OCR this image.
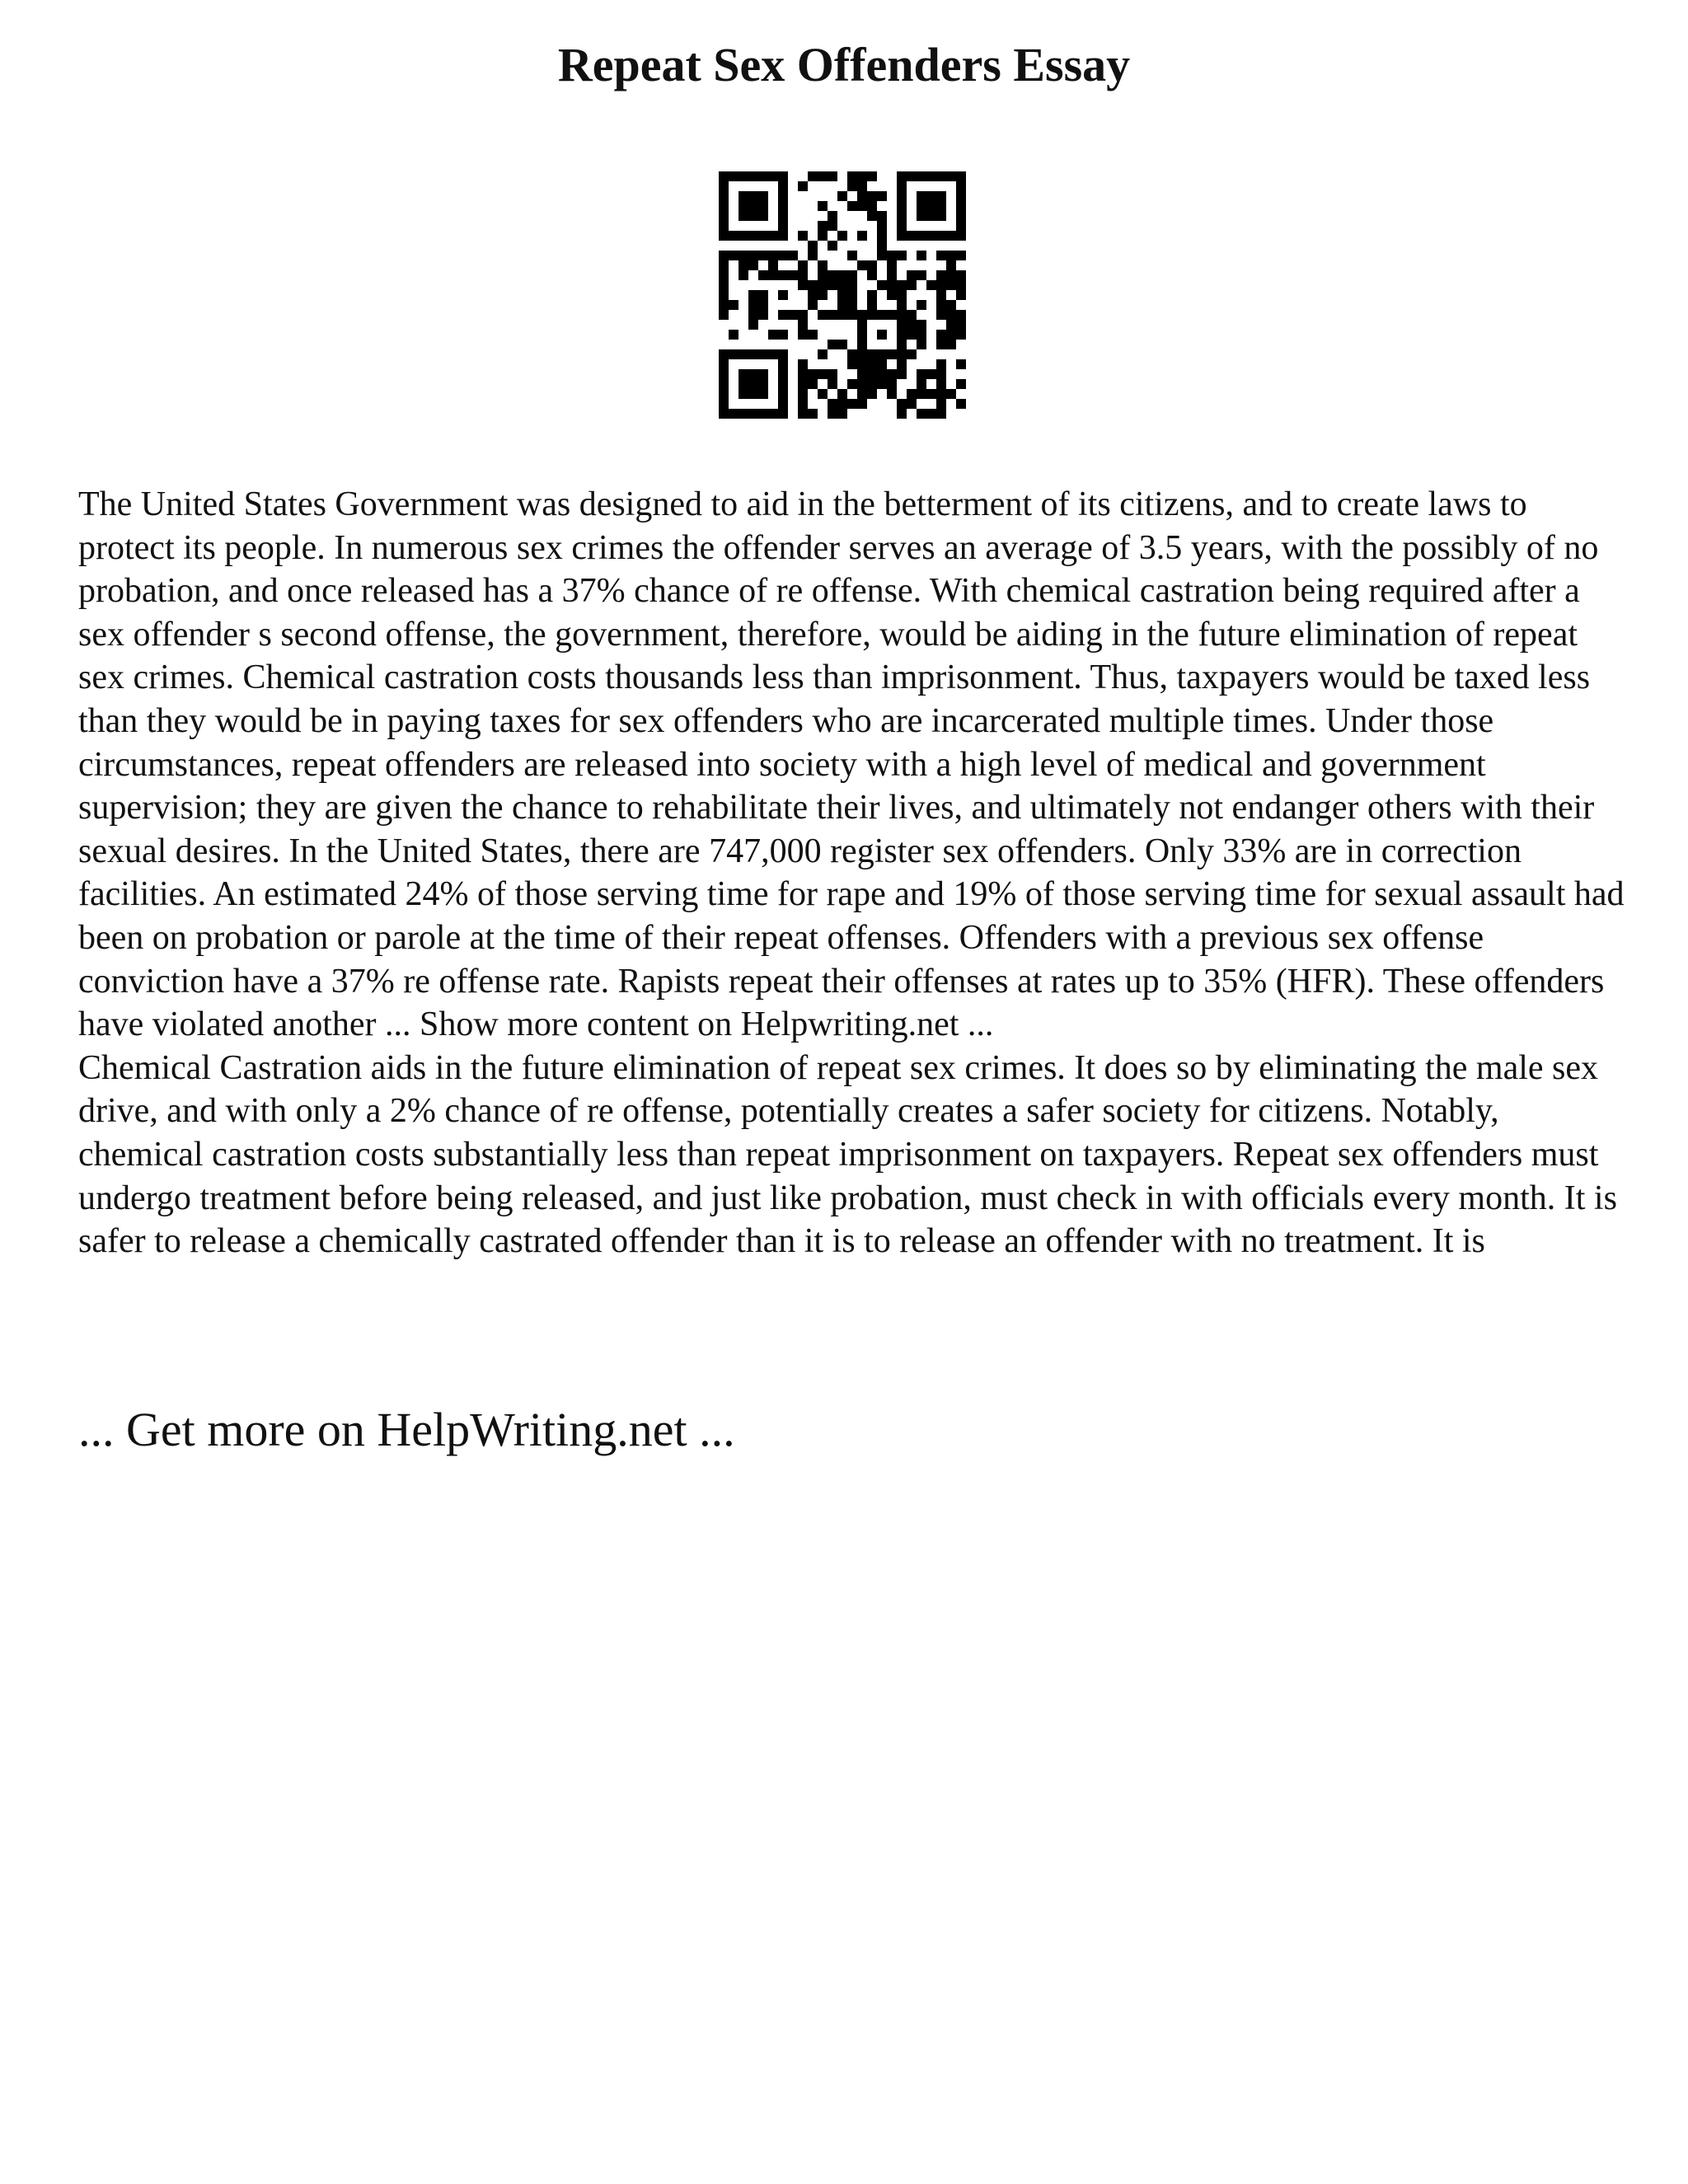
Repeat Sex Offenders Essay

The United States Government was designed to aid in the betterment of its citizens, and to create laws to protect its people. In numerous sex crimes the offender serves an average of 3.5 years, with the possibly of no probation, and once released has a 37% chance of re offense. With chemical castration being required after a sex offender s second offense, the government, therefore, would be aiding in the future elimination of repeat sex crimes. Chemical castration costs thousands less than imprisonment. Thus, taxpayers would be taxed less than they would be in paying taxes for sex offenders who are incarcerated multiple times. Under those circumstances, repeat offenders are released into society with a high level of medical and government supervision; they are given the chance to rehabilitate their lives, and ultimately not endanger others with their sexual desires. In the United States, there are 747,000 register sex offenders. Only 33% are in correction facilities. An estimated 24% of those serving time for rape and 19% of those serving time for sexual assault had been on probation or parole at the time of their repeat offenses. Offenders with a previous sex offense conviction have a 37% re offense rate. Rapists repeat their offenses at rates up to 35% (HFR). These offenders have violated another ... Show more content on Helpwriting.net ...

Chemical Castration aids in the future elimination of repeat sex crimes. It does so by eliminating the male sex drive, and with only a 2% chance of re offense, potentially creates a safer society for citizens. Notably, chemical castration costs substantially less than repeat imprisonment on taxpayers. Repeat sex offenders must undergo treatment before being released, and just like probation, must check in with officials every month. It is safer to release a chemically castrated offender than it is to release an offender with no treatment. It is

... Get more on HelpWriting.net ...
